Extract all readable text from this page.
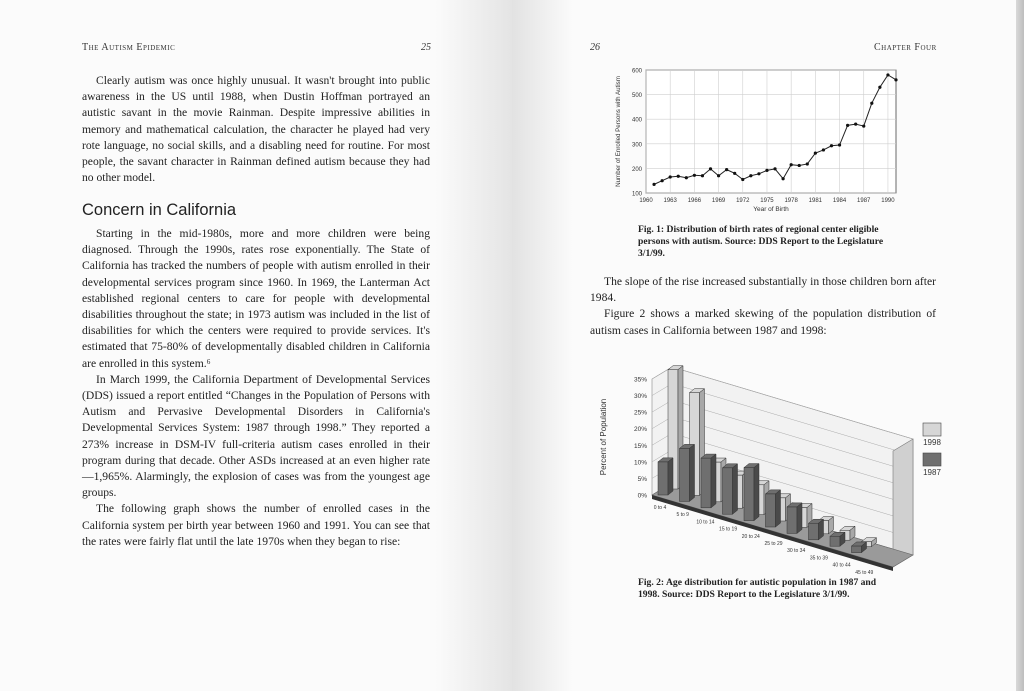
The Autism Epidemic	25

Clearly autism was once highly unusual. It wasn't brought into public awareness in the US until 1988, when Dustin Hoffman portrayed an autistic savant in the movie Rainman. Despite impressive abilities in memory and mathematical calculation, the character he played had very rote language, no social skills, and a disabling need for routine. For most people, the savant character in Rainman defined autism because they had no other model.

Concern in California

Starting in the mid-1980s, more and more children were being diagnosed. Through the 1990s, rates rose exponentially. The State of California has tracked the numbers of people with autism enrolled in their developmental services program since 1960. In 1969, the Lanterman Act established regional centers to care for people with developmental disabilities throughout the state; in 1973 autism was included in the list of disabilities for which the centers were required to provide services. It's estimated that 75-80% of developmentally disabled children in California are enrolled in this system.⁶

In March 1999, the California Department of Developmental Services (DDS) issued a report entitled “Changes in the Population of Persons with Autism and Pervasive Developmental Disorders in California's Developmental Services System: 1987 through 1998.” They reported a 273% increase in DSM-IV full-criteria autism cases enrolled in their program during that decade. Other ASDs increased at an even higher rate—1,965%. Alarmingly, the explosion of cases was from the youngest age groups.

The following graph shows the number of enrolled cases in the California system per birth year between 1960 and 1991. You can see that the rates were fairly flat until the late 1970s when they began to rise:

26	Chapter Four
100
200
300
400
500
600
1960 1963 1966 1969 1972 1975 1978 1981 1984 1987 1990
Year of Birth
Number of Enrolled Persons with Autism
Fig. 1: Distribution of birth rates of regional center eligible persons with autism. Source: DDS Report to the Legislature 3/1/99.

The slope of the rise increased substantially in those children born after 1984.

Figure 2 shows a marked skewing of the population distribution of autism cases in California between 1987 and 1998:

0%
5%
10%
15%
20%
25%
30%
35%
Percent of Population
0 to 4
5 to 9
10 to 14
15 to 19
20 to 24
25 to 29
30 to 34
35 to 39
40 to 44
45 to 49
1998
1987
Fig. 2: Age distribution for autistic population in 1987 and 1998. Source: DDS Report to the Legislature 3/1/99.
